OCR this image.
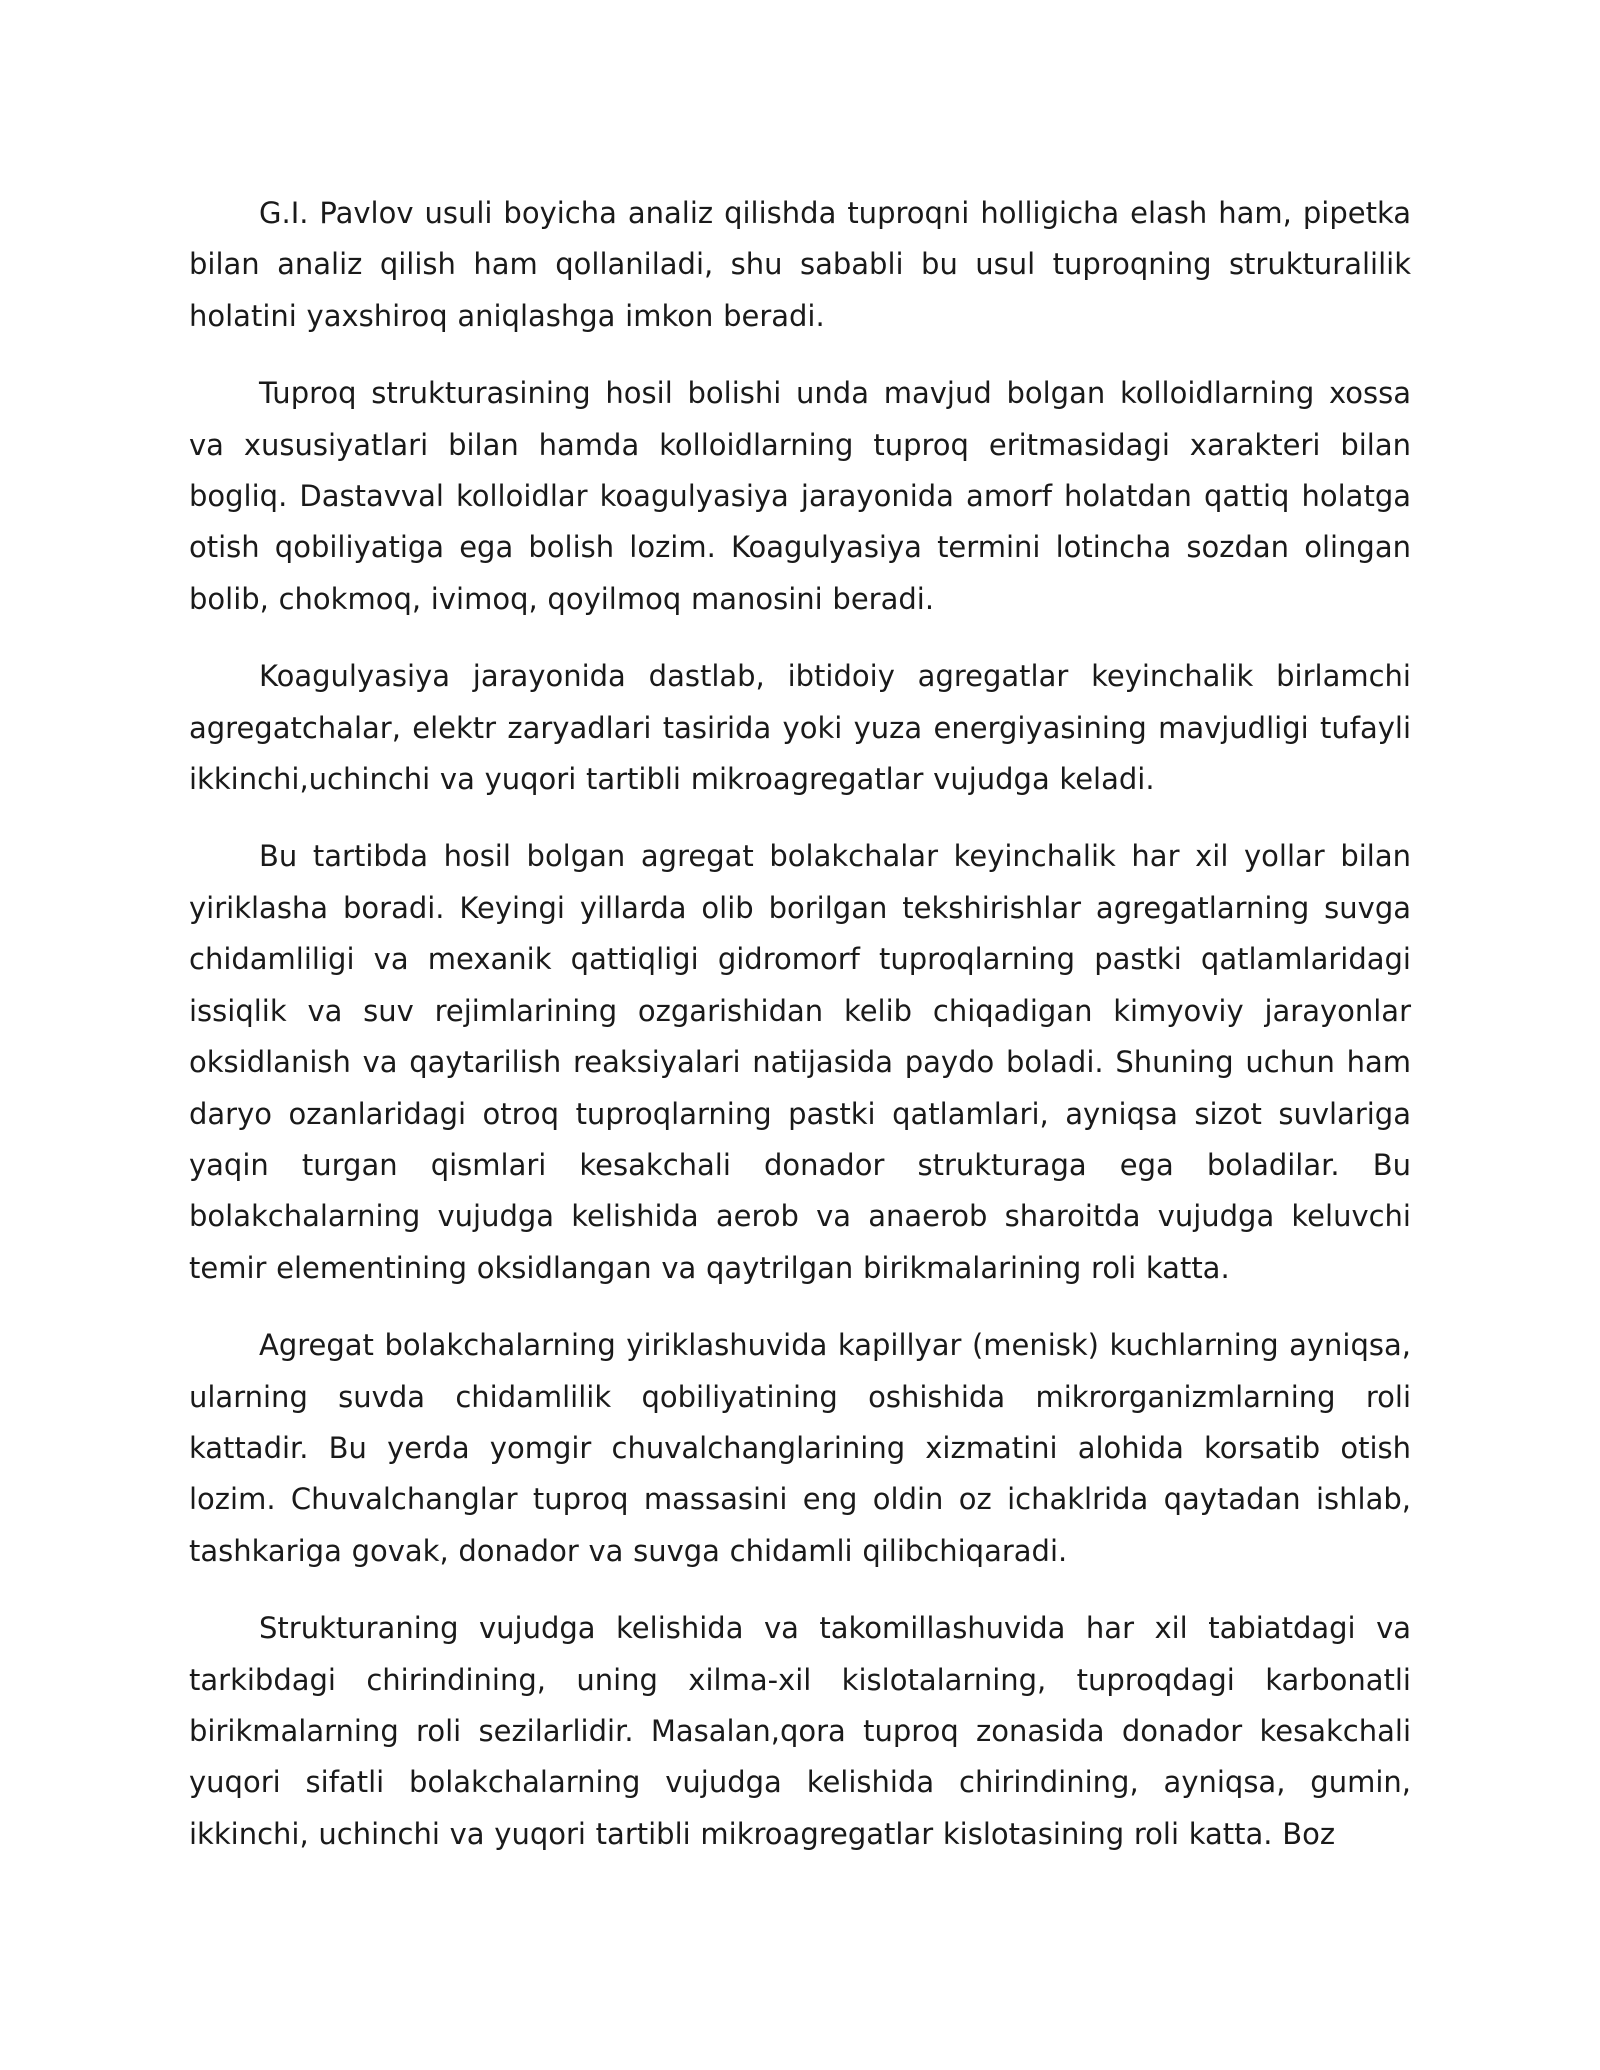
G.I. Pavlov usuli boyicha analiz qilishda tuproqni holligicha elash ham, pipetka bilan analiz qilish ham qollaniladi, shu sababli bu usul tuproqning strukturalilik holatini yaxshiroq aniqlashga imkon beradi.

Tuproq strukturasining hosil bolishi unda mavjud bolgan kolloidlarning xossa va xususiyatlari bilan hamda kolloidlarning tuproq eritmasidagi xarakteri bilan bogliq. Dastavval kolloidlar koagulyasiya jarayonida amorf holatdan qattiq holatga otish qobiliyatiga ega bolish lozim. Koagulyasiya termini lotincha sozdan olingan bolib, chokmoq, ivimoq, qoyilmoq manosini beradi.

Koagulyasiya jarayonida dastlab, ibtidoiy agregatlar keyinchalik birlamchi agregatchalar, elektr zaryadlari tasirida yoki yuza energiyasining mavjudligi tufayli ikkinchi,uchinchi va yuqori tartibli mikroagregatlar vujudga keladi.

Bu tartibda hosil bolgan agregat bolakchalar keyinchalik har xil yollar bilan yiriklasha boradi. Keyingi yillarda olib borilgan tekshirishlar agregatlarning suvga chidamliligi va mexanik qattiqligi gidromorf tuproqlarning pastki qatlamlaridagi issiqlik va suv rejimlarining ozgarishidan kelib chiqadigan kimyoviy jarayonlar oksidlanish va qaytarilish reaksiyalari natijasida paydo boladi. Shuning uchun ham daryo ozanlaridagi otroq tuproqlarning pastki qatlamlari, ayniqsa sizot suvlariga yaqin turgan qismlari kesakchali donador strukturaga ega boladilar. Bu bolakchalarning vujudga kelishida aerob va anaerob sharoitda vujudga keluvchi temir elementining oksidlangan va qaytrilgan birikmalarining roli katta.

Agregat bolakchalarning yiriklashuvida kapillyar (menisk) kuchlarning ayniqsa, ularning suvda chidamlilik qobiliyatining oshishida mikrorganizmlarning roli kattadir. Bu yerda yomgir chuvalchanglarining xizmatini alohida korsatib otish lozim. Chuvalchanglar tuproq massasini eng oldin oz ichaklrida qaytadan ishlab, tashkariga govak, donador va suvga chidamli qilibchiqaradi.

Strukturaning vujudga kelishida va takomillashuvida har xil tabiatdagi va tarkibdagi chirindining, uning xilma-xil kislotalarning, tuproqdagi karbonatli birikmalarning roli sezilarlidir. Masalan,qora tuproq zonasida donador kesakchali yuqori sifatli bolakchalarning vujudga kelishida chirindining, ayniqsa, gumin, ikkinchi, uchinchi va yuqori tartibli mikroagregatlar kislotasining roli katta. Boz
